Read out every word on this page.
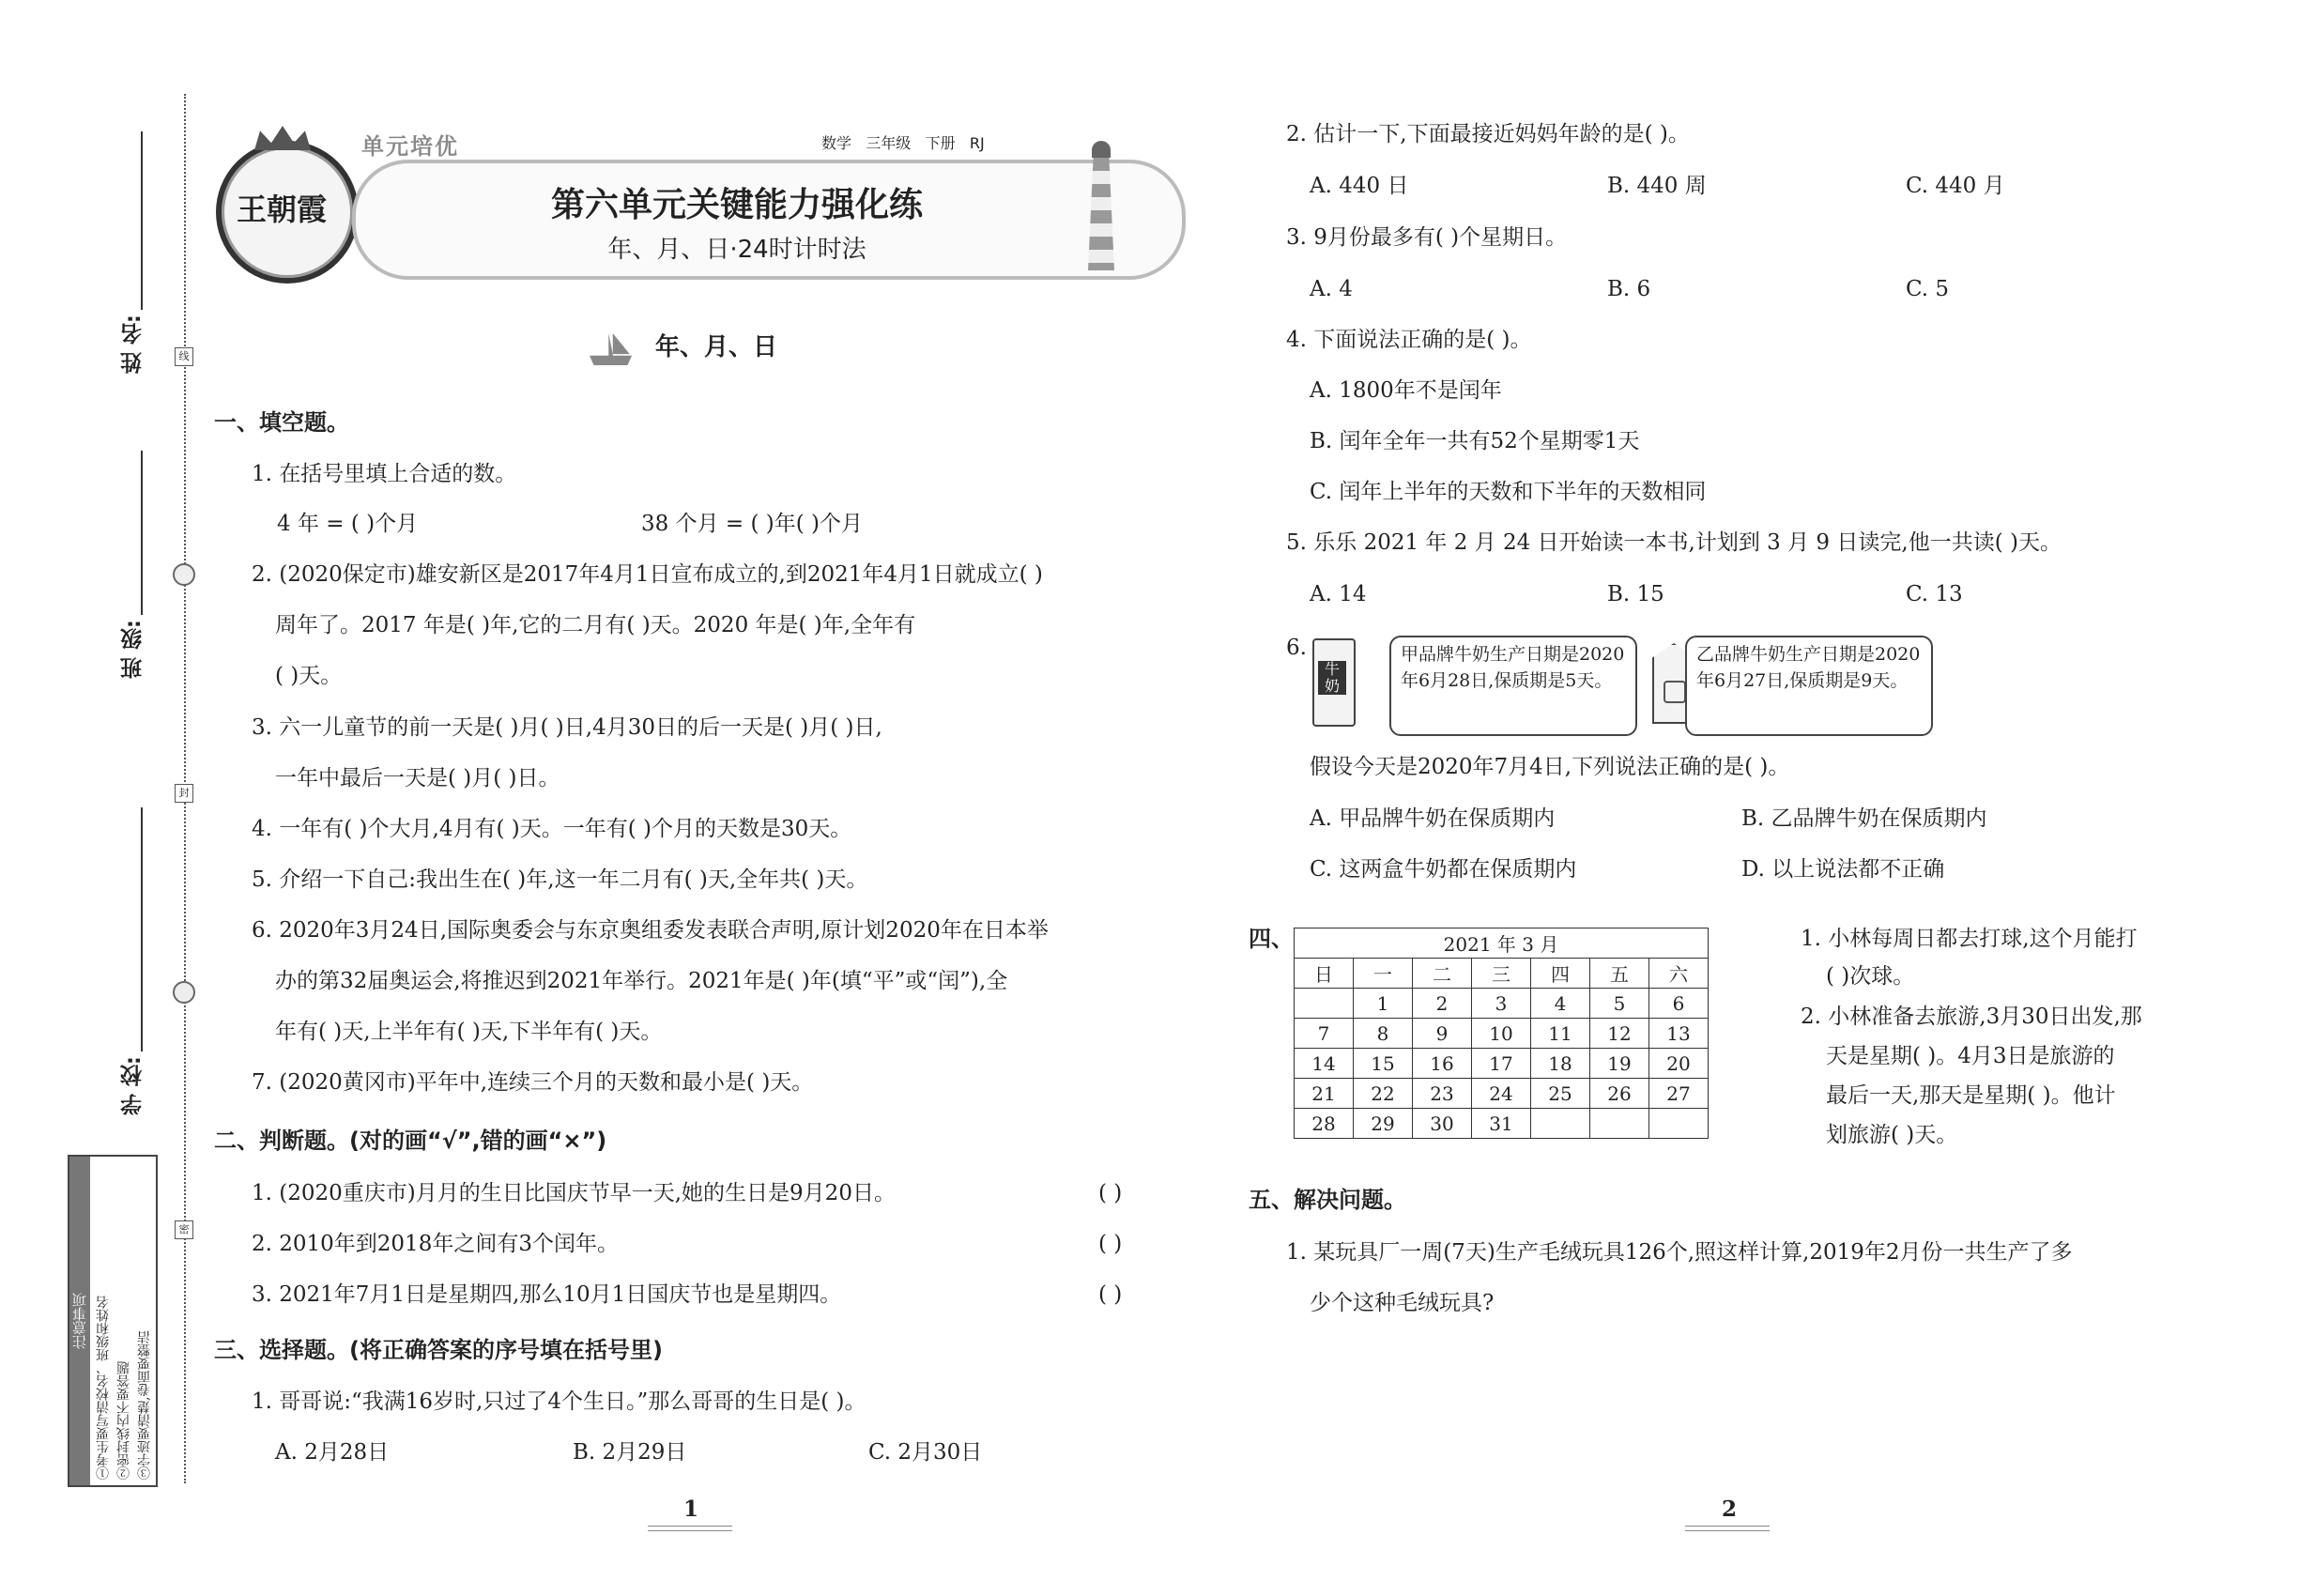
姓 名:
班 级:
学 校:
线
封
密
注意事项 ①考生要写清校名、班级和姓名 ②密封线内不要答题 ③字迹要清楚,卷面要整洁
王朝霞
单元培优	数学 三年级 下册 RJ
第六单元关键能力强化练
年、月、日·24时计时法
年、月、日
一、填空题。
1. 在括号里填上合适的数。
4 年 = ( )个月	38 个月 = ( )年( )个月
2. (2020保定市)雄安新区是2017年4月1日宣布成立的,到2021年4月1日就成立( )
周年了。2017 年是( )年,它的二月有( )天。2020 年是( )年,全年有
( )天。
3. 六一儿童节的前一天是( )月( )日,4月30日的后一天是( )月( )日,
一年中最后一天是( )月( )日。
4. 一年有( )个大月,4月有( )天。一年有( )个月的天数是30天。
5. 介绍一下自己:我出生在( )年,这一年二月有( )天,全年共( )天。
6. 2020年3月24日,国际奥委会与东京奥组委发表联合声明,原计划2020年在日本举
办的第32届奥运会,将推迟到2021年举行。2021年是( )年(填“平”或“闰”),全
年有( )天,上半年有( )天,下半年有( )天。
7. (2020黄冈市)平年中,连续三个月的天数和最小是( )天。
二、判断题。(对的画“√”,错的画“×”)
1. (2020重庆市)月月的生日比国庆节早一天,她的生日是9月20日。	( )
2. 2010年到2018年之间有3个闰年。	( )
3. 2021年7月1日是星期四,那么10月1日国庆节也是星期四。	( )
三、选择题。(将正确答案的序号填在括号里)
1. 哥哥说:“我满16岁时,只过了4个生日。”那么哥哥的生日是( )。
A. 2月28日	B. 2月29日	C. 2月30日
1
2. 估计一下,下面最接近妈妈年龄的是( )。
A. 440 日	B. 440 周	C. 440 月
3. 9月份最多有( )个星期日。
A. 4	B. 6	C. 5
4. 下面说法正确的是( )。
A. 1800年不是闰年
B. 闰年全年一共有52个星期零1天
C. 闰年上半年的天数和下半年的天数相同
5. 乐乐 2021 年 2 月 24 日开始读一本书,计划到 3 月 9 日读完,他一共读( )天。
A. 14	B. 15	C. 13
6.
牛奶
甲品牌牛奶生产日期是2020年6月28日,保质期是5天。
乙品牌牛奶生产日期是2020年6月27日,保质期是9天。
假设今天是2020年7月4日,下列说法正确的是( )。
A. 甲品牌牛奶在保质期内	B. 乙品牌牛奶在保质期内
C. 这两盒牛奶都在保质期内	D. 以上说法都不正确
四、	2021 年 3 月						
日	一	二	三	四	五	六
	1	2	3	4	5	6
7	8	9	10	11	12	13
14	15	16	17	18	19	20
21	22	23	24	25	26	27
28	29	30	31			
1. 小林每周日都去打球,这个月能打
( )次球。
2. 小林准备去旅游,3月30日出发,那
天是星期( )。4月3日是旅游的
最后一天,那天是星期( )。他计
划旅游( )天。
五、解决问题。
1. 某玩具厂一周(7天)生产毛绒玩具126个,照这样计算,2019年2月份一共生产了多
少个这种毛绒玩具?
2
